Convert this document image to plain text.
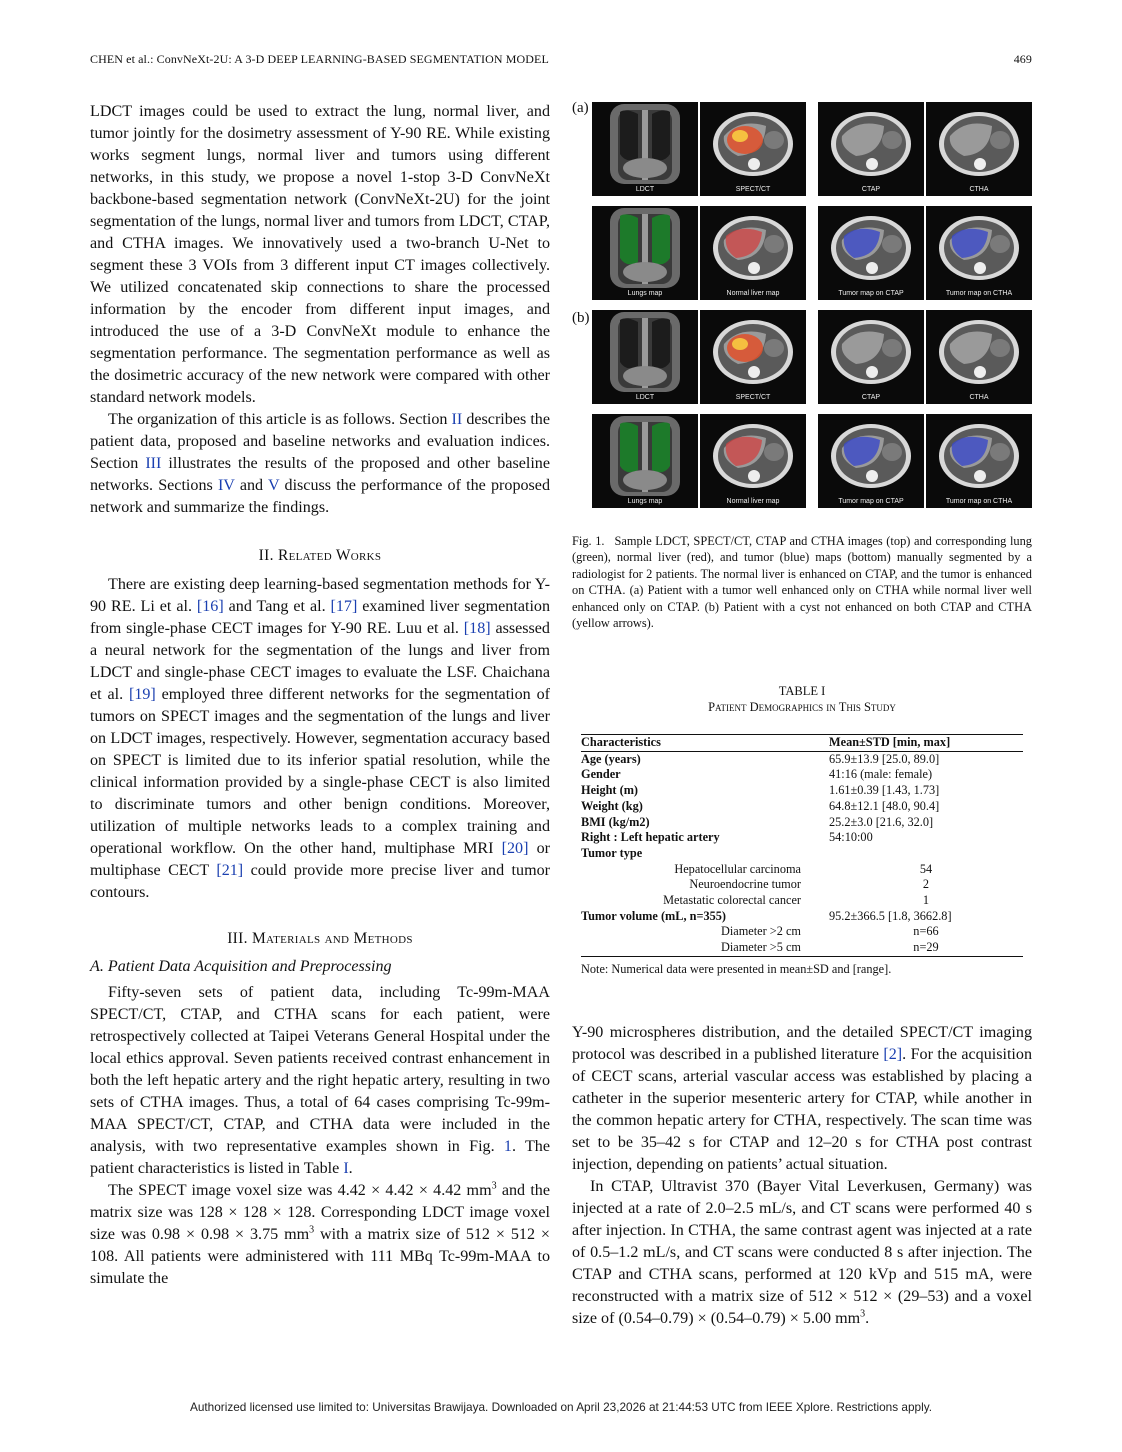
CHEN et al.: ConvNeXt-2U: A 3-D DEEP LEARNING-BASED SEGMENTATION MODEL	469

LDCT images could be used to extract the lung, normal liver, and tumor jointly for the dosimetry assessment of Y-90 RE. While existing works segment lungs, normal liver and tumors using different networks, in this study, we propose a novel 1-stop 3-D ConvNeXt backbone-based segmentation network (ConvNeXt-2U) for the joint segmentation of the lungs, normal liver and tumors from LDCT, CTAP, and CTHA images. We innovatively used a two-branch U-Net to segment these 3 VOIs from 3 different input CT images collectively. We utilized concatenated skip connections to share the processed information by the encoder from different input images, and introduced the use of a 3-D ConvNeXt module to enhance the segmentation performance. The segmentation performance as well as the dosimetric accuracy of the new network were compared with other standard network models.

The organization of this article is as follows. Section II describes the patient data, proposed and baseline networks and evaluation indices. Section III illustrates the results of the proposed and other baseline networks. Sections IV and V discuss the performance of the proposed network and summarize the findings.

II. Related Works

There are existing deep learning-based segmentation methods for Y-90 RE. Li et al. [16] and Tang et al. [17] examined liver segmentation from single-phase CECT images for Y-90 RE. Luu et al. [18] assessed a neural network for the segmentation of the lungs and liver from LDCT and single-phase CECT images to evaluate the LSF. Chaichana et al. [19] employed three different networks for the segmentation of tumors on SPECT images and the segmentation of the lungs and liver on LDCT images, respectively. However, segmentation accuracy based on SPECT is limited due to its inferior spatial resolution, while the clinical information provided by a single-phase CECT is also limited to discriminate tumors and other benign conditions. Moreover, utilization of multiple networks leads to a complex training and operational workflow. On the other hand, multiphase MRI [20] or multiphase CECT [21] could provide more precise liver and tumor contours.

III. Materials and Methods
A. Patient Data Acquisition and Preprocessing

Fifty-seven sets of patient data, including Tc-99m-MAA SPECT/CT, CTAP, and CTHA scans for each patient, were retrospectively collected at Taipei Veterans General Hospital under the local ethics approval. Seven patients received contrast enhancement in both the left hepatic artery and the right hepatic artery, resulting in two sets of CTHA images. Thus, a total of 64 cases comprising Tc-99m-MAA SPECT/CT, CTAP, and CTHA data were included in the analysis, with two representative examples shown in Fig. 1. The patient characteristics is listed in Table I.

The SPECT image voxel size was 4.42 × 4.42 × 4.42 $mm^3$ and the matrix size was 128 × 128 × 128. Corresponding LDCT image voxel size was 0.98 × 0.98 × 3.75 $mm^3$ with a matrix size of 512 × 512 × 108. All patients were administered with 111 MBq Tc-99m-MAA to simulate the

(a)
(b)
LDCT	SPECT/CT	CTAP	CTHA
Lungs map	Normal liver map	Tumor map on CTAP	Tumor map on CTHA
LDCT	SPECT/CT	CTAP	CTHA
Lungs map	Normal liver map	Tumor map on CTAP	Tumor map on CTHA
Fig. 1. Sample LDCT, SPECT/CT, CTAP and CTHA images (top) and corresponding lung (green), normal liver (red), and tumor (blue) maps (bottom) manually segmented by a radiologist for 2 patients. The normal liver is enhanced on CTAP, and the tumor is enhanced on CTHA. (a) Patient with a tumor well enhanced only on CTHA while normal liver well enhanced only on CTAP. (b) Patient with a cyst not enhanced on both CTAP and CTHA (yellow arrows).
TABLE I
Patient Demographics in This Study
Characteristics	Mean±STD [min, max]
Age (years)	65.9±13.9 [25.0, 89.0]
Gender	41:16 (male: female)
Height (m)	1.61±0.39 [1.43, 1.73]
Weight (kg)	64.8±12.1 [48.0, 90.4]
BMI (kg/m2)	25.2±3.0 [21.6, 32.0]
Right : Left hepatic artery	54:10:00
Tumor type	
Hepatocellular carcinoma	54
Neuroendocrine tumor	2
Metastatic colorectal cancer	1
Tumor volume (mL, n=355)	95.2±366.5 [1.8, 3662.8]
Diameter >2 cm	n=66
Diameter >5 cm	n=29
Note: Numerical data were presented in mean±SD and [range].

Y-90 microspheres distribution, and the detailed SPECT/CT imaging protocol was described in a published literature [2]. For the acquisition of CECT scans, arterial vascular access was established by placing a catheter in the superior mesenteric artery for CTAP, while another in the common hepatic artery for CTHA, respectively. The scan time was set to be 35–42 s for CTAP and 12–20 s for CTHA post contrast injection, depending on patients’ actual situation.

In CTAP, Ultravist 370 (Bayer Vital Leverkusen, Germany) was injected at a rate of 2.0–2.5 mL/s, and CT scans were performed 40 s after injection. In CTHA, the same contrast agent was injected at a rate of 0.5–1.2 mL/s, and CT scans were conducted 8 s after injection. The CTAP and CTHA scans, performed at 120 kVp and 515 mA, were reconstructed with a matrix size of 512 × 512 × (29–53) and a voxel size of (0.54–0.79) × (0.54–0.79) × 5.00 $mm^3$.

Authorized licensed use limited to: Universitas Brawijaya. Downloaded on April 23,2026 at 21:44:53 UTC from IEEE Xplore. Restrictions apply.
